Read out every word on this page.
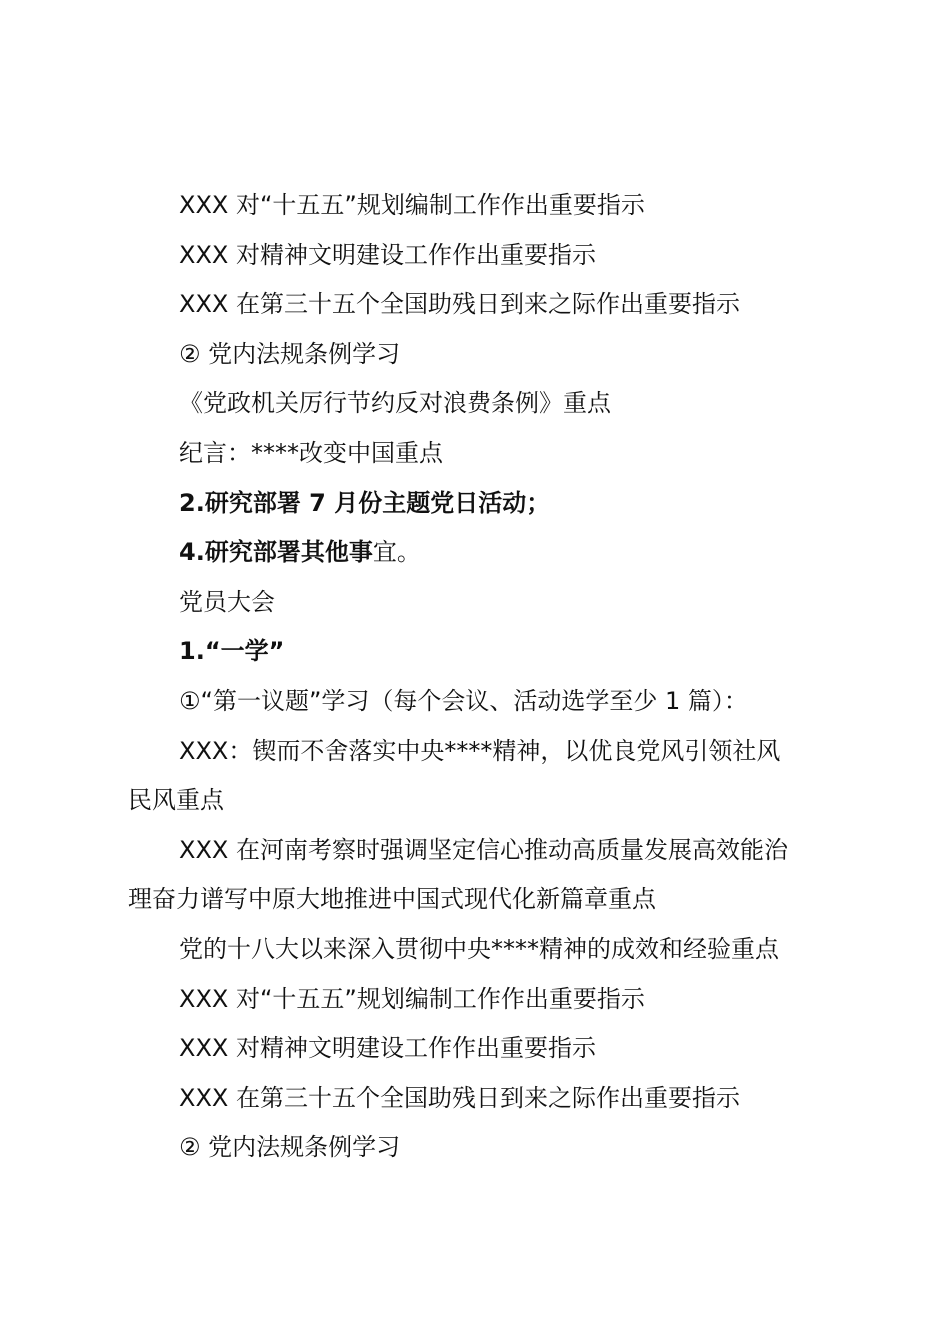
XXX 对“十五五”规划编制工作作出重要指示

XXX 对精神文明建设工作作出重要指示

XXX 在第三十五个全国助残日到来之际作出重要指示

② 党内法规条例学习

《党政机关厉行节约反对浪费条例》重点

纪言：****改变中国重点

2.研究部署 7 月份主题党日活动；

4.研究部署其他事宜。

党员大会

1.“一学”

①“第一议题”学习（每个会议、活动选学至少 1 篇）：

XXX：锲而不舍落实中央****精神，以优良党风引领社风

民风重点

XXX 在河南考察时强调坚定信心推动高质量发展高效能治

理奋力谱写中原大地推进中国式现代化新篇章重点

党的十八大以来深入贯彻中央****精神的成效和经验重点

XXX 对“十五五”规划编制工作作出重要指示

XXX 对精神文明建设工作作出重要指示

XXX 在第三十五个全国助残日到来之际作出重要指示

② 党内法规条例学习
